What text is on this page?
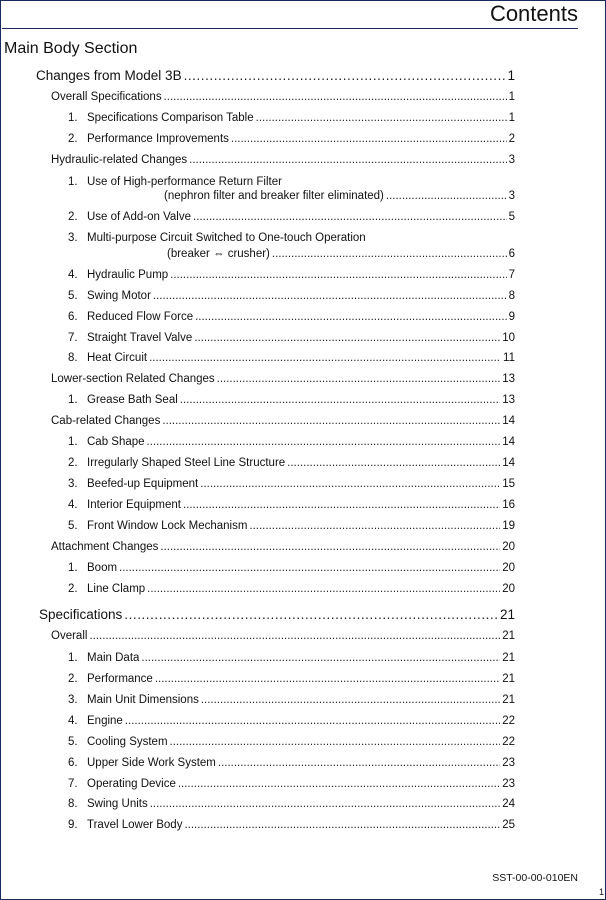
Contents
Main Body Section
Changes from Model 3B . . .	1
Overall Specifications . . .	1
1. Specifications Comparison Table . . .	1
2. Performance Improvements . . .	2
Hydraulic-related Changes . . .	3
1. Use of High-performance Return Filter
(nephron filter and breaker filter eliminated) . . .	3
2. Use of Add-on Valve . . .	5
3. Multi-purpose Circuit Switched to One-touch Operation
(breaker ⇔ crusher) . . .	6
4. Hydraulic Pump . . .	7
5. Swing Motor . . .	8
6. Reduced Flow Force . . .	9
7. Straight Travel Valve . . .	10
8. Heat Circuit . . .	11
Lower-section Related Changes . . .	13
1. Grease Bath Seal . . .	13
Cab-related Changes . . .	14
1. Cab Shape . . .	14
2. Irregularly Shaped Steel Line Structure . . .	14
3. Beefed-up Equipment . . .	15
4. Interior Equipment . . .	16
5. Front Window Lock Mechanism . . .	19
Attachment Changes . . .	20
1. Boom . . .	20
2. Line Clamp . . .	20
Specifications . . .	21
Overall . . .	21
1. Main Data . . .	21
2. Performance . . .	21
3. Main Unit Dimensions . . .	21
4. Engine . . .	22
5. Cooling System . . .	22
6. Upper Side Work System . . .	23
7. Operating Device . . .	23
8. Swing Units . . .	24
9. Travel Lower Body . . .	25
SST-00-00-010EN
1
